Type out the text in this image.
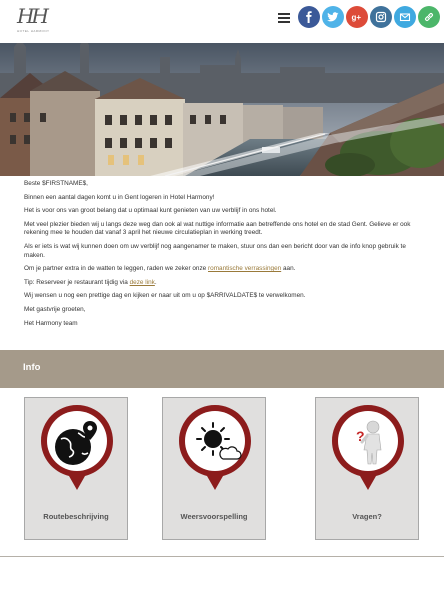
HH
HOTEL HARMONY
g+

Beste $FIRSTNAME$,

Binnen een aantal dagen komt u in Gent logeren in Hotel Harmony!

Het is voor ons van groot belang dat u optimaal kunt genieten van uw verblijf in ons hotel.

Met veel plezier bieden wij u langs deze weg dan ook al wat nuttige informatie aan betreffende ons hotel en de stad Gent. Gelieve er ook rekening mee te houden dat vanaf 3 april het nieuwe circulatieplan in werking treedt.

Als er iets is wat wij kunnen doen om uw verblijf nog aangenamer te maken, stuur ons dan een bericht door van de info knop gebruik te maken.

Om je partner extra in de watten te leggen, raden we zeker onze romantische verrassingen aan.

Tip: Reserveer je restaurant tijdig via deze link.

Wij wensen u nog een prettige dag en kijken er naar uit om u op $ARRIVALDATE$ te verwelkomen.

Met gastvrije groeten,

Het Harmony team

Info
Routebeschrijving	Weersvoorspelling
?
Vragen?
